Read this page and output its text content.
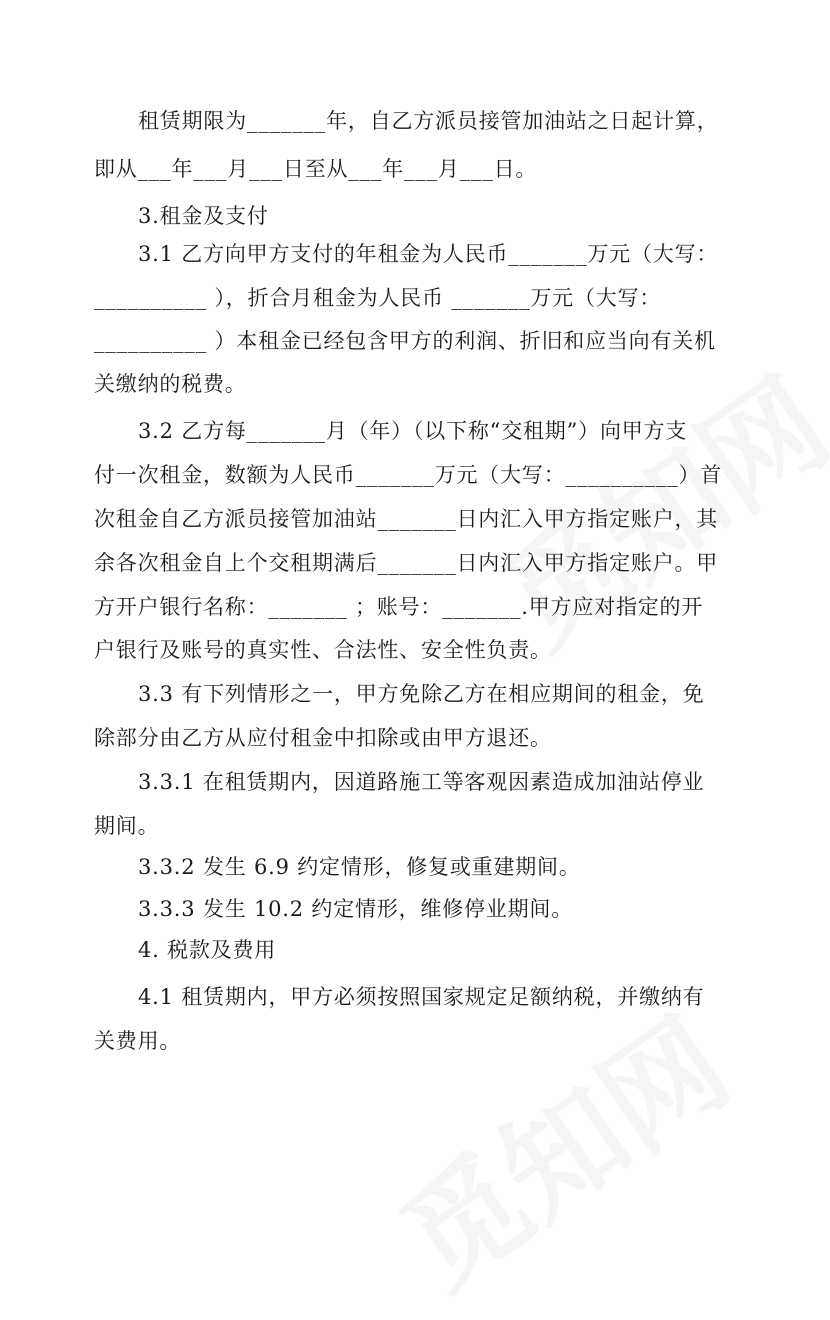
租赁期限为_______年，自乙方派员接管加油站之日起计算，
即从___年___月___日至从___年___月___日。
3.租金及支付
3.1 乙方向甲方支付的年租金为人民币_______万元（大写：
__________ ），折合月租金为人民币 _______万元（大写：
__________ ）本租金已经包含甲方的利润、折旧和应当向有关机
关缴纳的税费。
3.2 乙方每_______月（年）（以下称“交租期”）向甲方支
付一次租金，数额为人民币_______万元（大写：__________）首
次租金自乙方派员接管加油站_______日内汇入甲方指定账户，其
余各次租金自上个交租期满后_______日内汇入甲方指定账户。甲
方开户银行名称：_______ ；账号：_______.甲方应对指定的开
户银行及账号的真实性、合法性、安全性负责。
3.3 有下列情形之一，甲方免除乙方在相应期间的租金，免
除部分由乙方从应付租金中扣除或由甲方退还。
3.3.1 在租赁期内，因道路施工等客观因素造成加油站停业
期间。
3.3.2 发生 6.9 约定情形，修复或重建期间。
3.3.3 发生 10.2 约定情形，维修停业期间。
4. 税款及费用
4.1 租赁期内，甲方必须按照国家规定足额纳税，并缴纳有
关费用。
